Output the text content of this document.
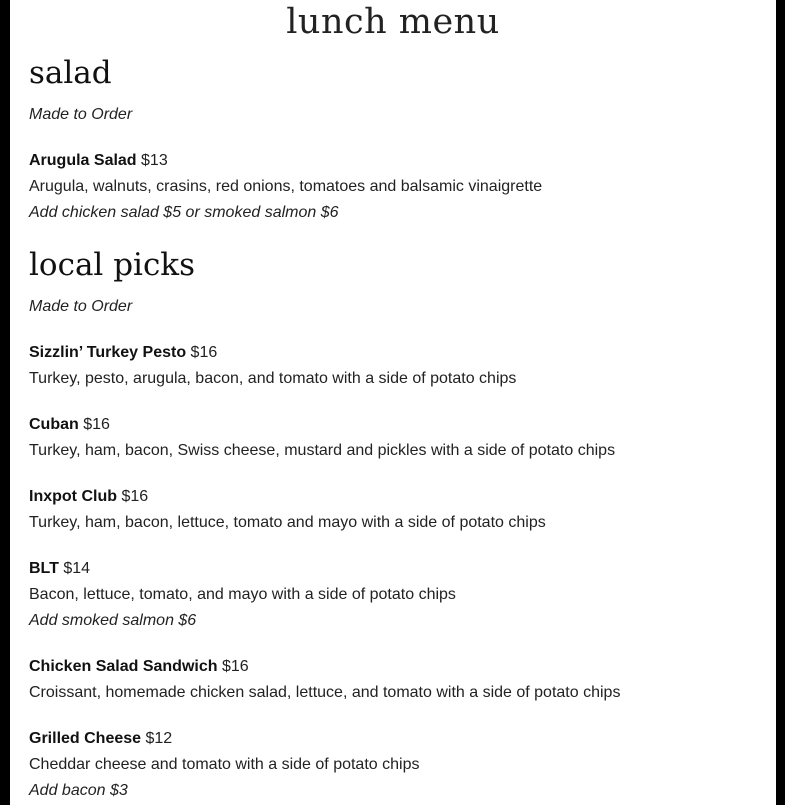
lunch menu
salad

Made to Order

Arugula Salad $13

Arugula, walnuts, crasins, red onions, tomatoes and balsamic vinaigrette

Add chicken salad $5 or smoked salmon $6

local picks

Made to Order

Sizzlin’ Turkey Pesto $16

Turkey, pesto, arugula, bacon, and tomato with a side of potato chips

Cuban $16

Turkey, ham, bacon, Swiss cheese, mustard and pickles with a side of potato chips

Inxpot Club $16

Turkey, ham, bacon, lettuce, tomato and mayo with a side of potato chips

BLT $14

Bacon, lettuce, tomato, and mayo with a side of potato chips

Add smoked salmon $6

Chicken Salad Sandwich $16

Croissant, homemade chicken salad, lettuce, and tomato with a side of potato chips

Grilled Cheese $12

Cheddar cheese and tomato with a side of potato chips

Add bacon $3
